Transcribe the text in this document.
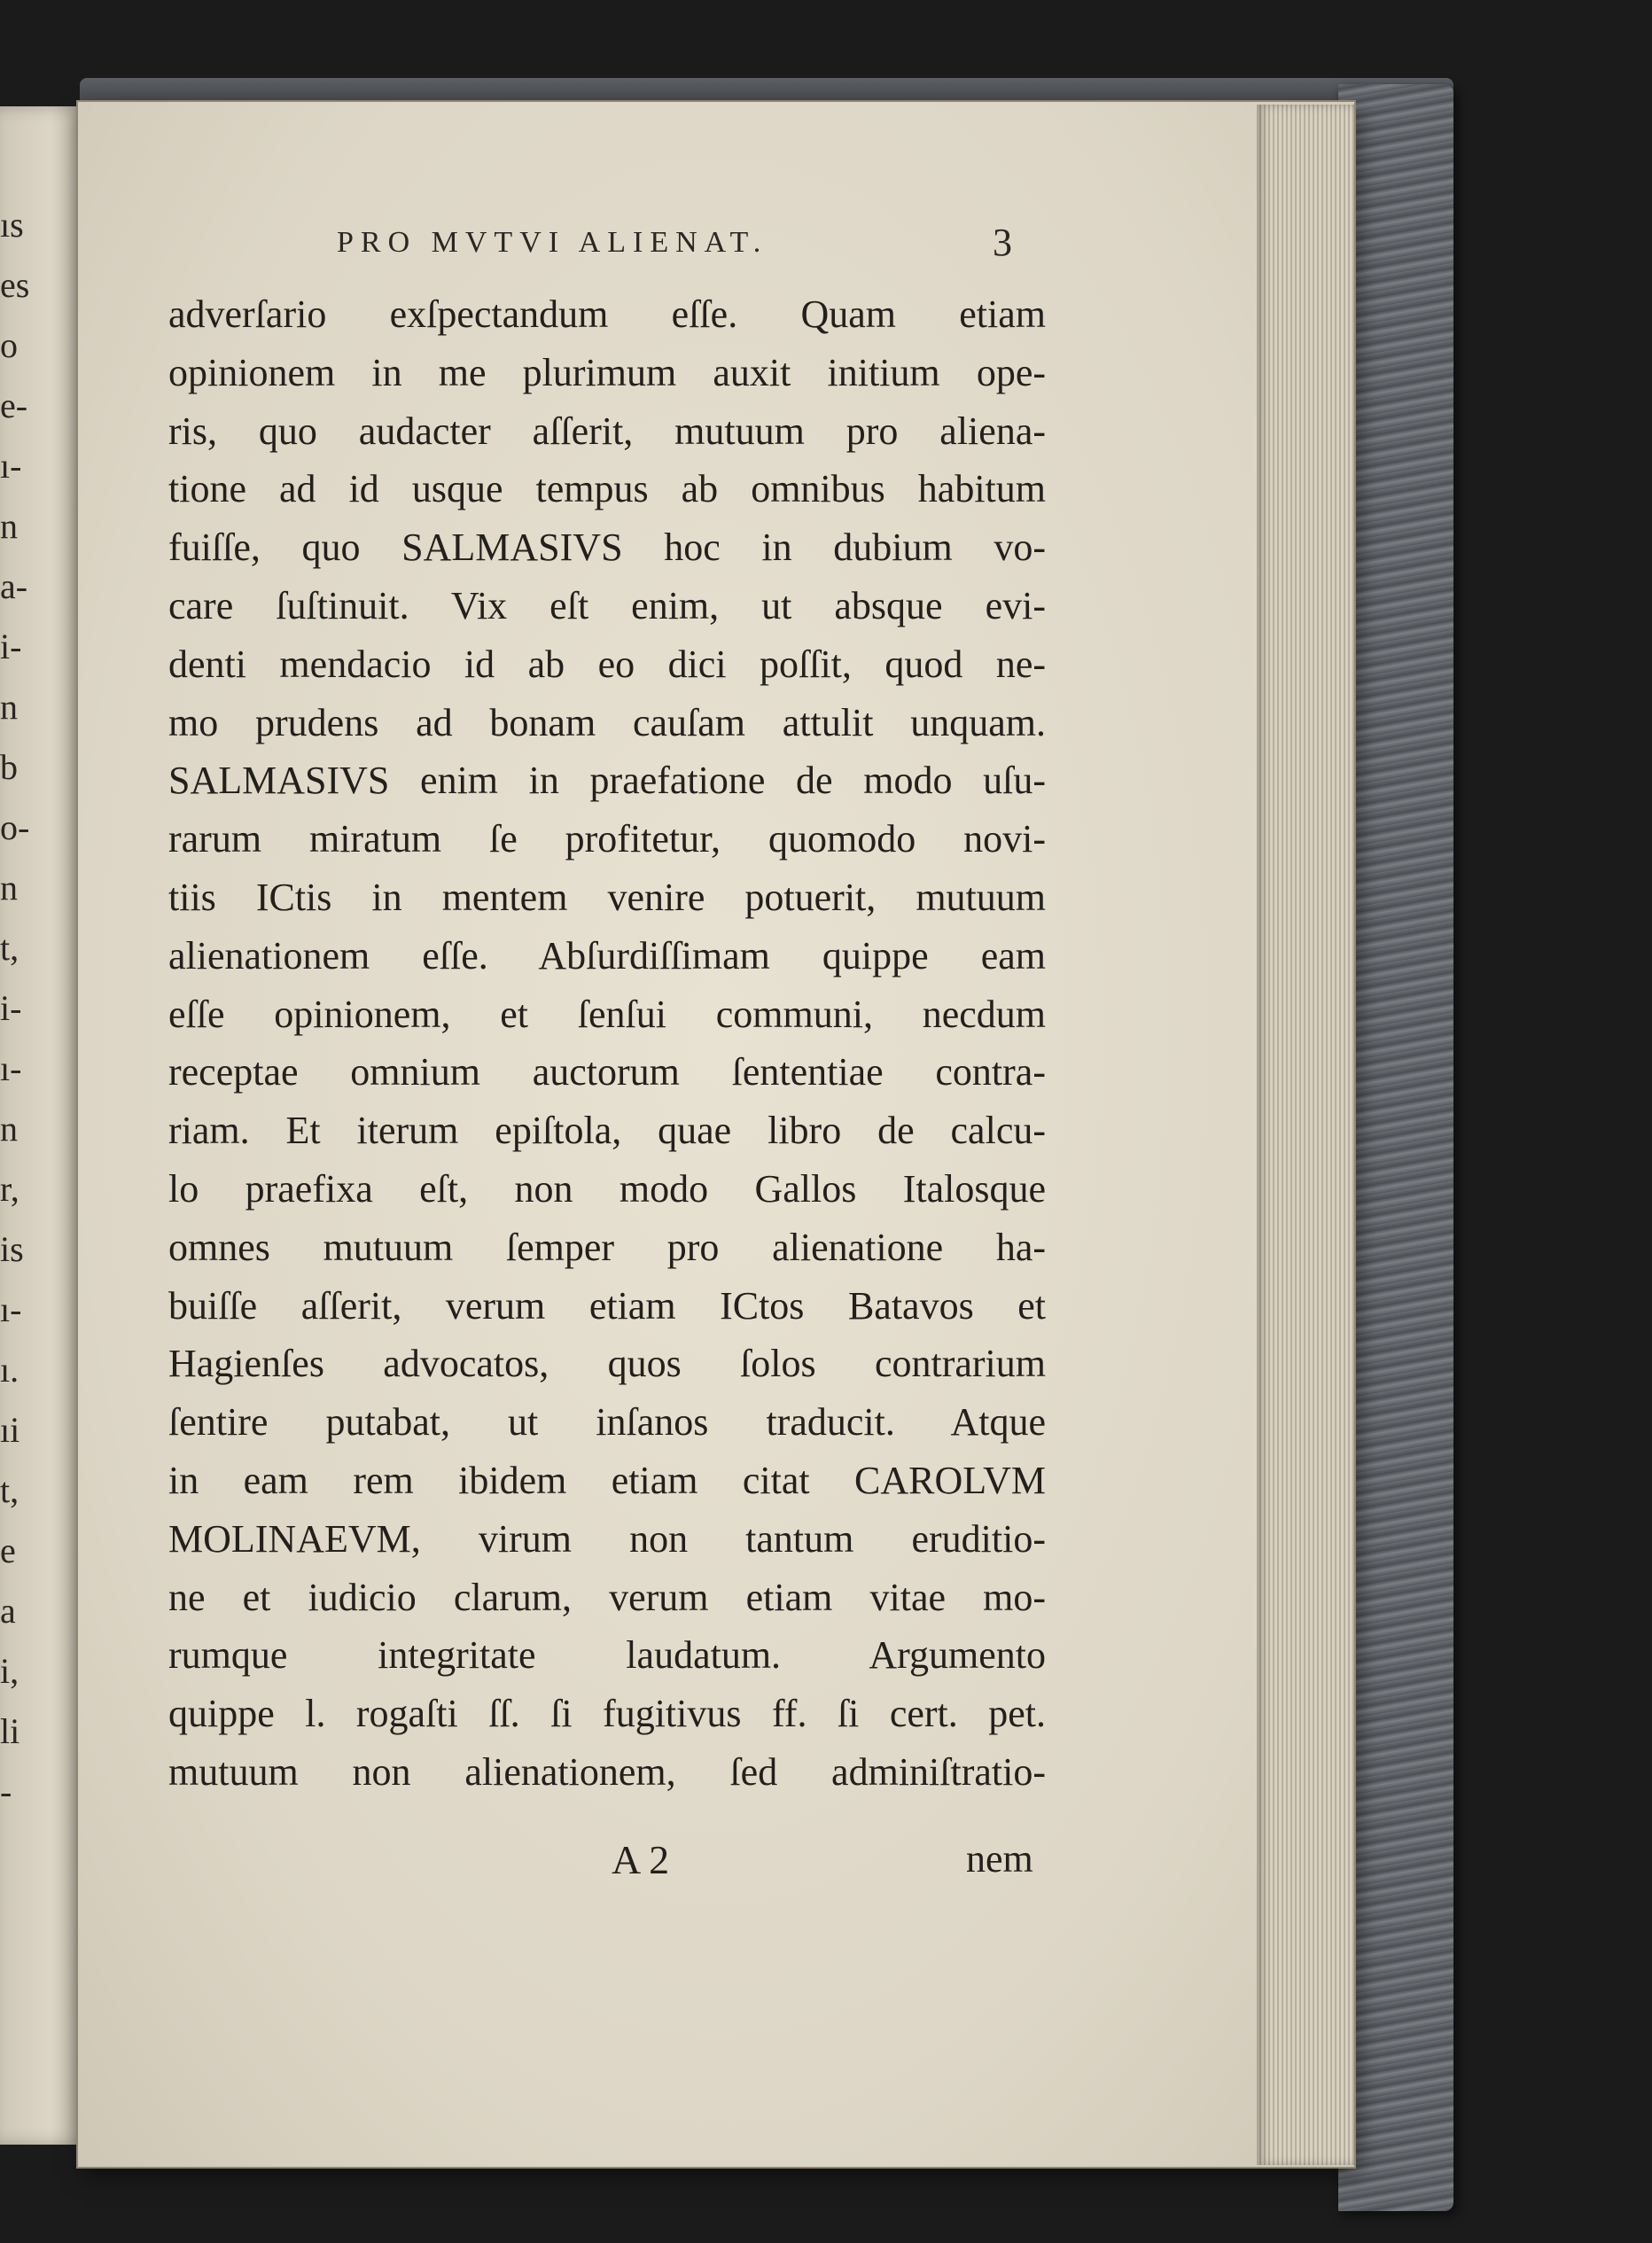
ıs

es

o

e-

ı-

n

a-

i-

n

b

o-

n

t,

i-

ı-

n

r,

is

ı-

ı.

ıi

t,

e

a

i,

li

-

PRO MVTVI ALIENAT.	3

adverſario exſpectandum eſſe. Quam etiam
opinionem in me plurimum auxit initium ope-
ris, quo audacter aſſerit, mutuum pro aliena-
tione ad id usque tempus ab omnibus habitum
fuiſſe, quo SALMASIVS hoc in dubium vo-
care ſuſtinuit. Vix eſt enim, ut absque evi-
denti mendacio id ab eo dici poſſit, quod ne-
mo prudens ad bonam cauſam attulit unquam.
SALMASIVS enim in praefatione de modo uſu-
rarum miratum ſe profitetur, quomodo novi-
tiis ICtis in mentem venire potuerit, mutuum
alienationem eſſe. Abſurdiſſimam quippe eam
eſſe opinionem, et ſenſui communi, necdum
receptae omnium auctorum ſententiae contra-
riam. Et iterum epiſtola, quae libro de calcu-
lo praefixa eſt, non modo Gallos Italosque
omnes mutuum ſemper pro alienatione ha-
buiſſe aſſerit, verum etiam ICtos Batavos et
Hagienſes advocatos, quos ſolos contrarium
ſentire putabat, ut inſanos traducit. Atque
in eam rem ibidem etiam citat CAROLVM
MOLINAEVM, virum non tantum eruditio-
ne et iudicio clarum, verum etiam vitae mo-
rumque integritate laudatum. Argumento
quippe l. rogaſti ſſ. ſi fugitivus ff. ſi cert. pet.
mutuum non alienationem, ſed adminiſtratio-

A 2	nem
